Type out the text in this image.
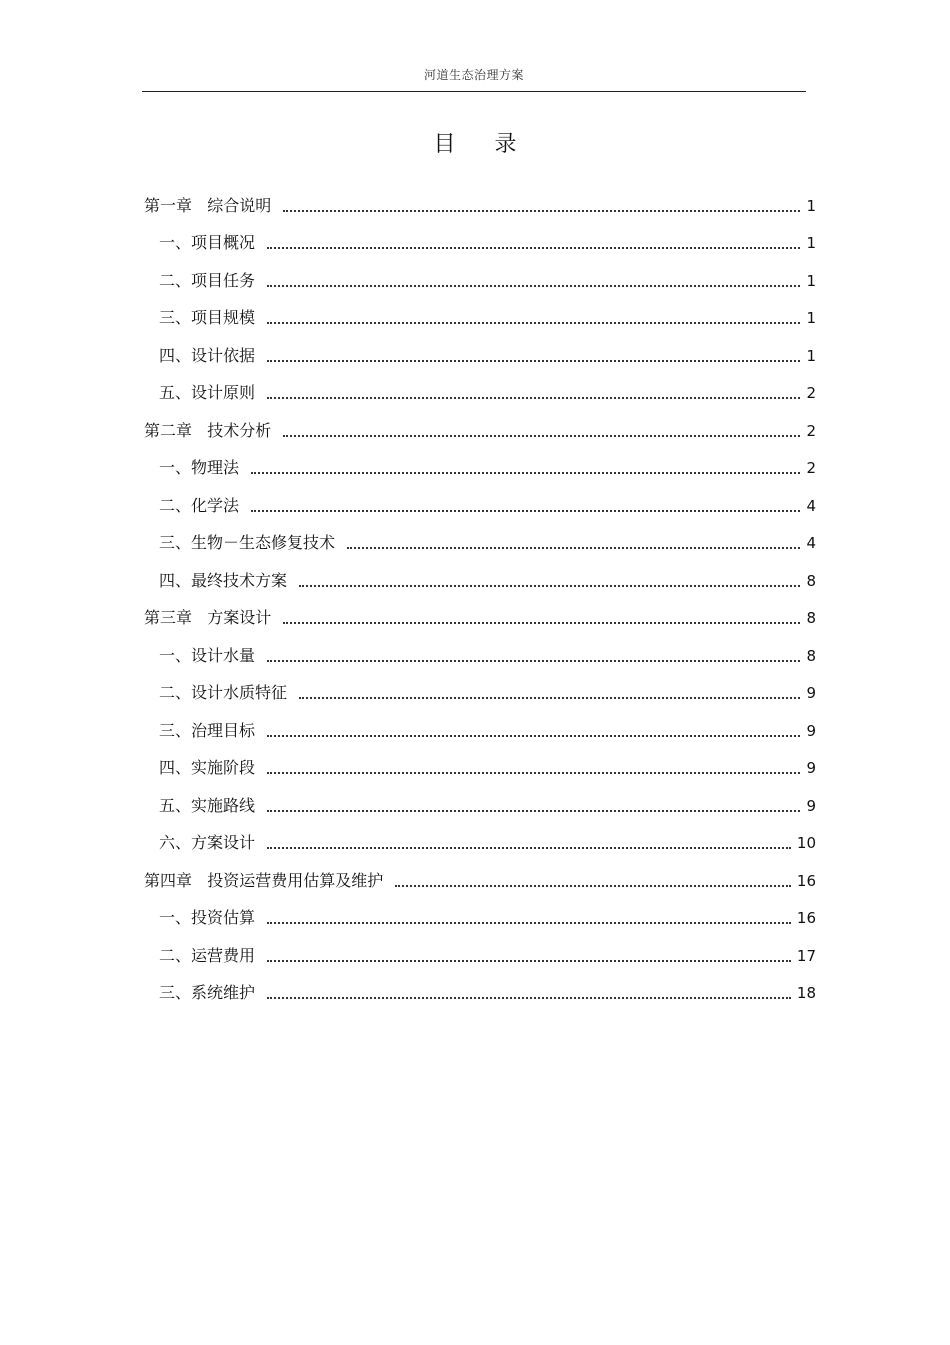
河道生态治理方案
目 录
第一章   综合说明	1
一、项目概况	1
二、项目任务	1
三、项目规模	1
四、设计依据	1
五、设计原则	2
第二章   技术分析	2
一、物理法	2
二、化学法	4
三、生物－生态修复技术	4
四、最终技术方案	8
第三章   方案设计	8
一、设计水量	8
二、设计水质特征	9
三、治理目标	9
四、实施阶段	9
五、实施路线	9
六、方案设计	10
第四章   投资运营费用估算及维护	16
一、投资估算	16
二、运营费用	17
三、系统维护	18
